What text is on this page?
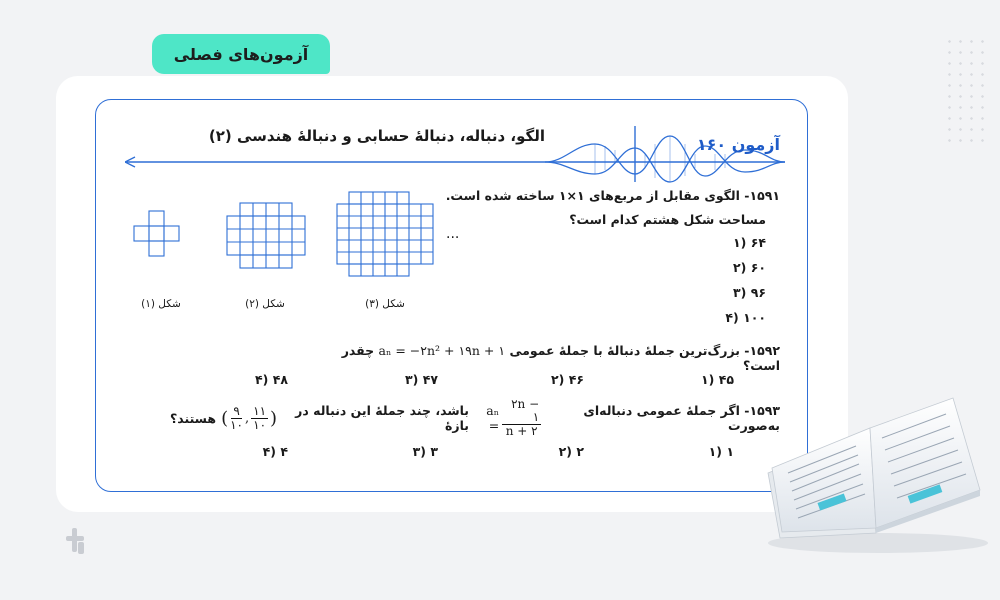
آزمون‌های فصلی
آزمون ۱۶۰
الگو، دنباله، دنبالهٔ حسابی و دنبالهٔ هندسی (۲)
۱۵۹۱- الگوی مقابل از مربع‌های ۱×۱ ساخته شده است.
مساحت شکل هشتم کدام است؟
۶۴ (۱
۶۰ (۲
۹۶ (۳
۱۰۰ (۴
...
شکل (۱)	شکل (۲)	شکل (۳)
۱۵۹۲- بزرگ‌ترین جملهٔ دنبالهٔ با جملهٔ عمومی aₙ = −۲n² + ۱۹n + ۱ چقدر است؟
۴۵ (۱
۴۶ (۲
۴۷ (۳
۴۸ (۴
۱۵۹۳- اگر جملهٔ عمومی دنباله‌ای به‌صورت
$a_n = \frac{۲n - ۱}{n + ۲}$
باشد، چند جملهٔ این دنباله در بازهٔ
( $\frac{۹}{۱۰}$ , $\frac{۱۱}{۱۰}$ )
هستند؟
۱ (۱
۲ (۲
۳ (۳
۴ (۴
